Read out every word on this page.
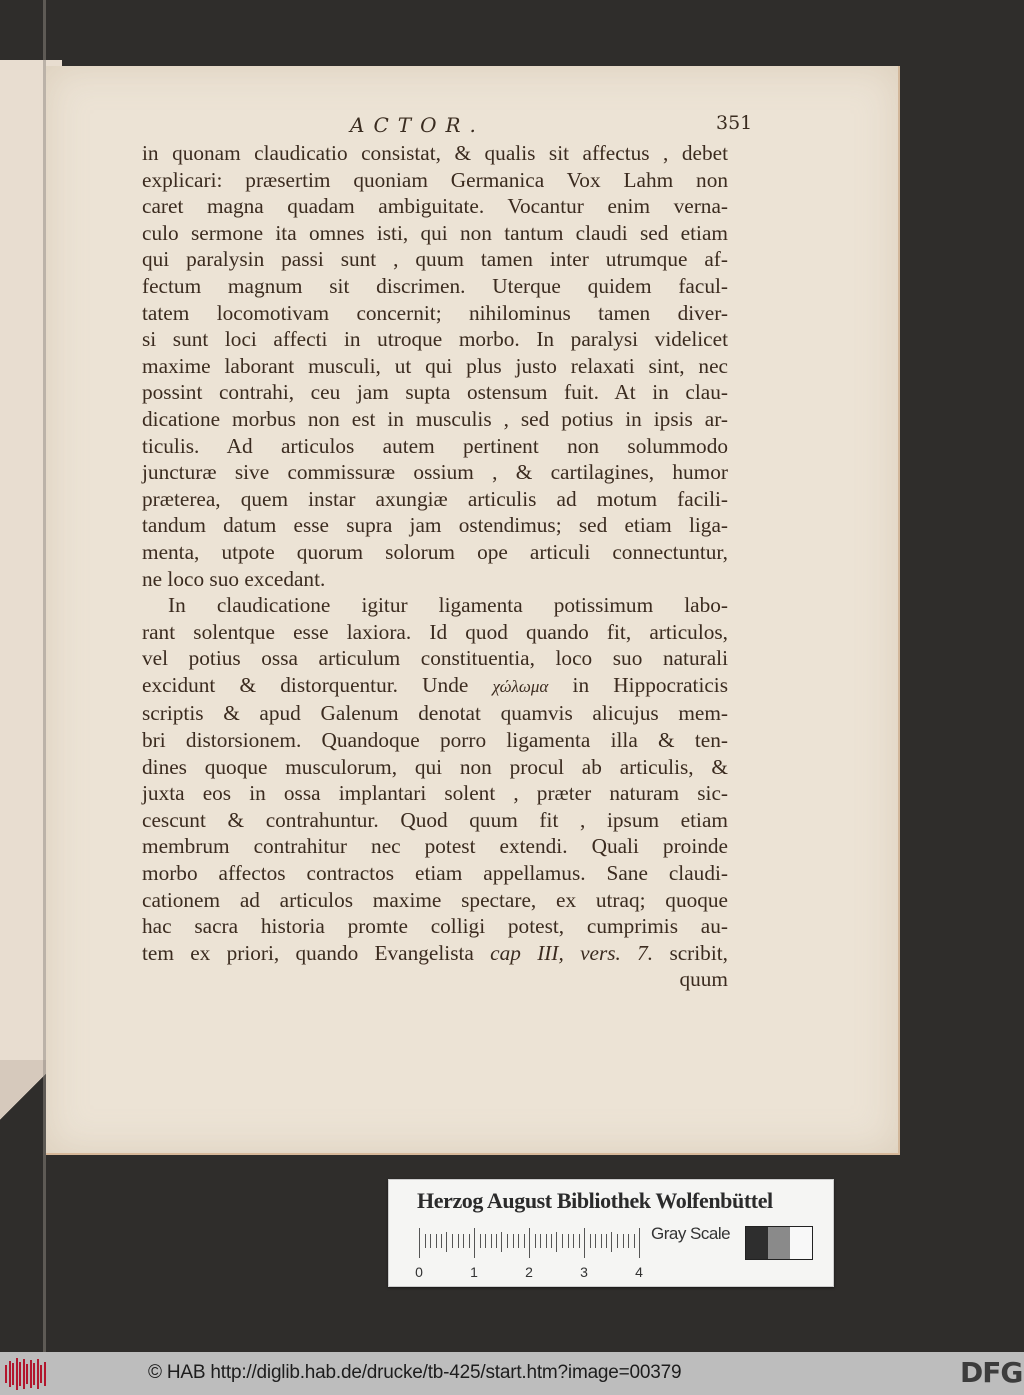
ACTOR.	351
in quonam claudicatio consistat, & qualis sit affectus , debet
explicari: præsertim quoniam Germanica Vox Lahm non
caret magna quadam ambiguitate. Vocantur enim verna-
culo sermone ita omnes isti, qui non tantum claudi sed etiam
qui paralysin passi sunt , quum tamen inter utrumque af-
fectum magnum sit discrimen. Uterque quidem facul-
tatem locomotivam concernit; nihilominus tamen diver-
si sunt loci affecti in utroque morbo. In paralysi videlicet
maxime laborant musculi, ut qui plus justo relaxati sint, nec
possint contrahi, ceu jam supta ostensum fuit. At in clau-
dicatione morbus non est in musculis , sed potius in ipsis ar-
ticulis. Ad articulos autem pertinent non solummodo
juncturæ sive commissuræ ossium , & cartilagines, humor
præterea, quem instar axungiæ articulis ad motum facili-
tandum datum esse supra jam ostendimus; sed etiam liga-
menta, utpote quorum solorum ope articuli connectuntur,
ne loco suo excedant.
In claudicatione igitur ligamenta potissimum labo-
rant solentque esse laxiora. Id quod quando fit, articulos,
vel potius ossa articulum constituentia, loco suo naturali
excidunt & distorquentur. Unde χώλωμα in Hippocraticis
scriptis & apud Galenum denotat quamvis alicujus mem-
bri distorsionem. Quandoque porro ligamenta illa & ten-
dines quoque musculorum, qui non procul ab articulis, &
juxta eos in ossa implantari solent , præter naturam sic-
cescunt & contrahuntur. Quod quum fit , ipsum etiam
membrum contrahitur nec potest extendi. Quali proinde
morbo affectos contractos etiam appellamus. Sane claudi-
cationem ad articulos maxime spectare, ex utraq; quoque
hac sacra historia promte colligi potest, cumprimis au-
tem ex priori, quando Evangelista cap III, vers. 7. scribit,
quum
Herzog August Bibliothek Wolfenbüttel
0	1	2	3	4
Gray Scale
© HAB http://diglib.hab.de/drucke/tb-425/start.htm?image=00379	DFG
